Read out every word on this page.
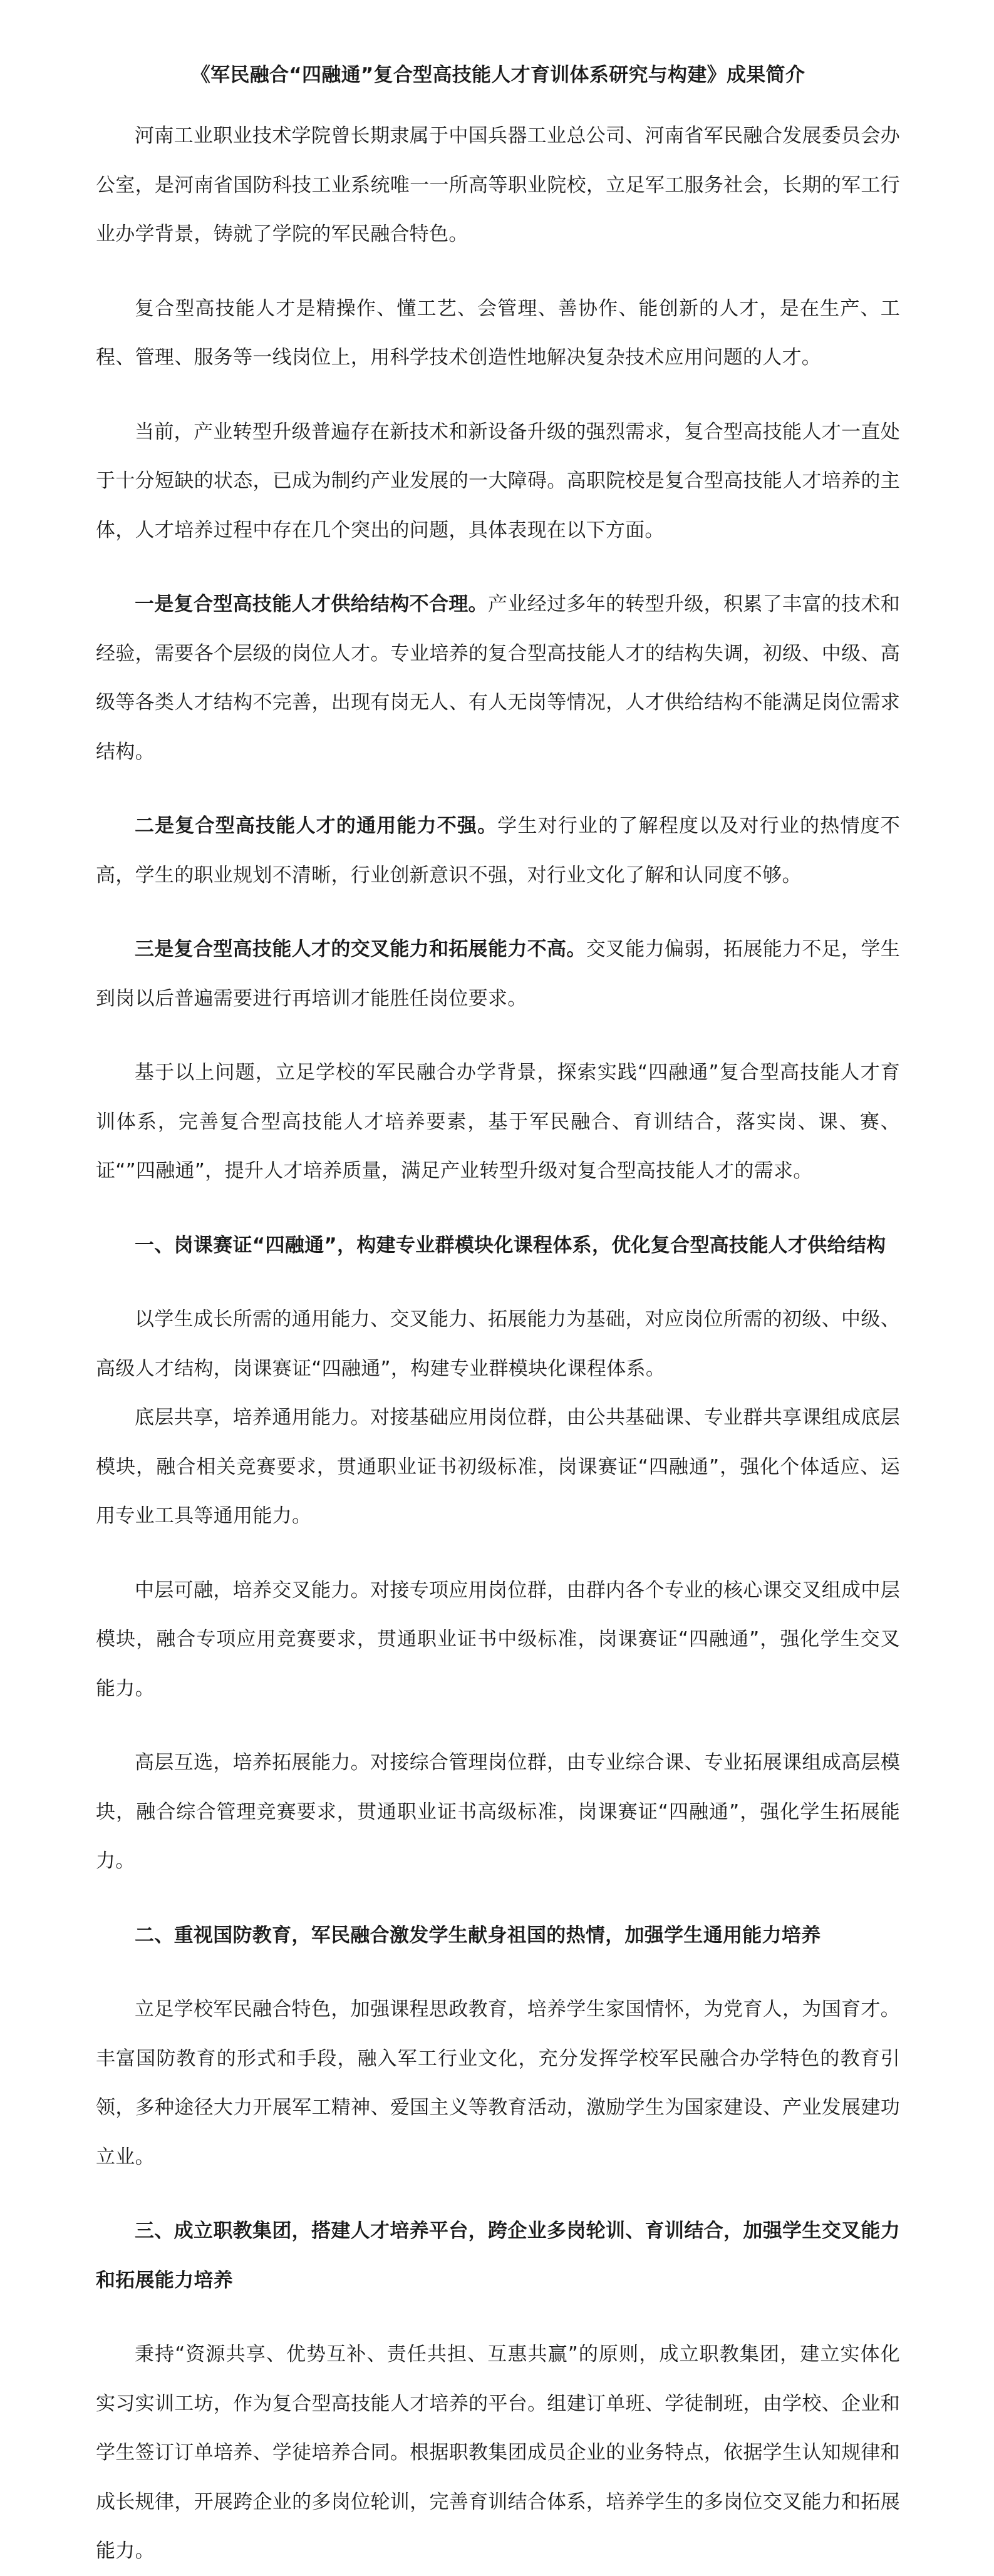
《军民融合“四融通”复合型高技能人才育训体系研究与构建》成果简介

河南工业职业技术学院曾长期隶属于中国兵器工业总公司、河南省军民融合发展委员会办公室，是河南省国防科技工业系统唯一一所高等职业院校，立足军工服务社会，长期的军工行业办学背景，铸就了学院的军民融合特色。

复合型高技能人才是精操作、懂工艺、会管理、善协作、能创新的人才，是在生产、工程、管理、服务等一线岗位上，用科学技术创造性地解决复杂技术应用问题的人才。

当前，产业转型升级普遍存在新技术和新设备升级的强烈需求，复合型高技能人才一直处于十分短缺的状态，已成为制约产业发展的一大障碍。高职院校是复合型高技能人才培养的主体，人才培养过程中存在几个突出的问题，具体表现在以下方面。

一是复合型高技能人才供给结构不合理。产业经过多年的转型升级，积累了丰富的技术和经验，需要各个层级的岗位人才。专业培养的复合型高技能人才的结构失调，初级、中级、高级等各类人才结构不完善，出现有岗无人、有人无岗等情况，人才供给结构不能满足岗位需求结构。

二是复合型高技能人才的通用能力不强。学生对行业的了解程度以及对行业的热情度不高，学生的职业规划不清晰，行业创新意识不强，对行业文化了解和认同度不够。

三是复合型高技能人才的交叉能力和拓展能力不高。交叉能力偏弱，拓展能力不足，学生到岗以后普遍需要进行再培训才能胜任岗位要求。

基于以上问题，立足学校的军民融合办学背景，探索实践“四融通”复合型高技能人才育训体系，完善复合型高技能人才培养要素，基于军民融合、育训结合，落实岗、课、赛、证“”四融通”，提升人才培养质量，满足产业转型升级对复合型高技能人才的需求。

一、岗课赛证“四融通”，构建专业群模块化课程体系，优化复合型高技能人才供给结构

以学生成长所需的通用能力、交叉能力、拓展能力为基础，对应岗位所需的初级、中级、高级人才结构，岗课赛证“四融通”，构建专业群模块化课程体系。

底层共享，培养通用能力。对接基础应用岗位群，由公共基础课、专业群共享课组成底层模块，融合相关竞赛要求，贯通职业证书初级标准，岗课赛证“四融通”，强化个体适应、运用专业工具等通用能力。

中层可融，培养交叉能力。对接专项应用岗位群，由群内各个专业的核心课交叉组成中层模块，融合专项应用竞赛要求，贯通职业证书中级标准，岗课赛证“四融通”，强化学生交叉能力。

高层互选，培养拓展能力。对接综合管理岗位群，由专业综合课、专业拓展课组成高层模块，融合综合管理竞赛要求，贯通职业证书高级标准，岗课赛证“四融通”，强化学生拓展能力。

二、重视国防教育，军民融合激发学生献身祖国的热情，加强学生通用能力培养

立足学校军民融合特色，加强课程思政教育，培养学生家国情怀，为党育人，为国育才。丰富国防教育的形式和手段，融入军工行业文化，充分发挥学校军民融合办学特色的教育引领，多种途径大力开展军工精神、爱国主义等教育活动，激励学生为国家建设、产业发展建功立业。

三、成立职教集团，搭建人才培养平台，跨企业多岗轮训、育训结合，加强学生交叉能力和拓展能力培养

秉持“资源共享、优势互补、责任共担、互惠共赢”的原则，成立职教集团，建立实体化实习实训工坊，作为复合型高技能人才培养的平台。组建订单班、学徒制班，由学校、企业和学生签订订单培养、学徒培养合同。根据职教集团成员企业的业务特点，依据学生认知规律和成长规律，开展跨企业的多岗位轮训，完善育训结合体系，培养学生的多岗位交叉能力和拓展能力。
